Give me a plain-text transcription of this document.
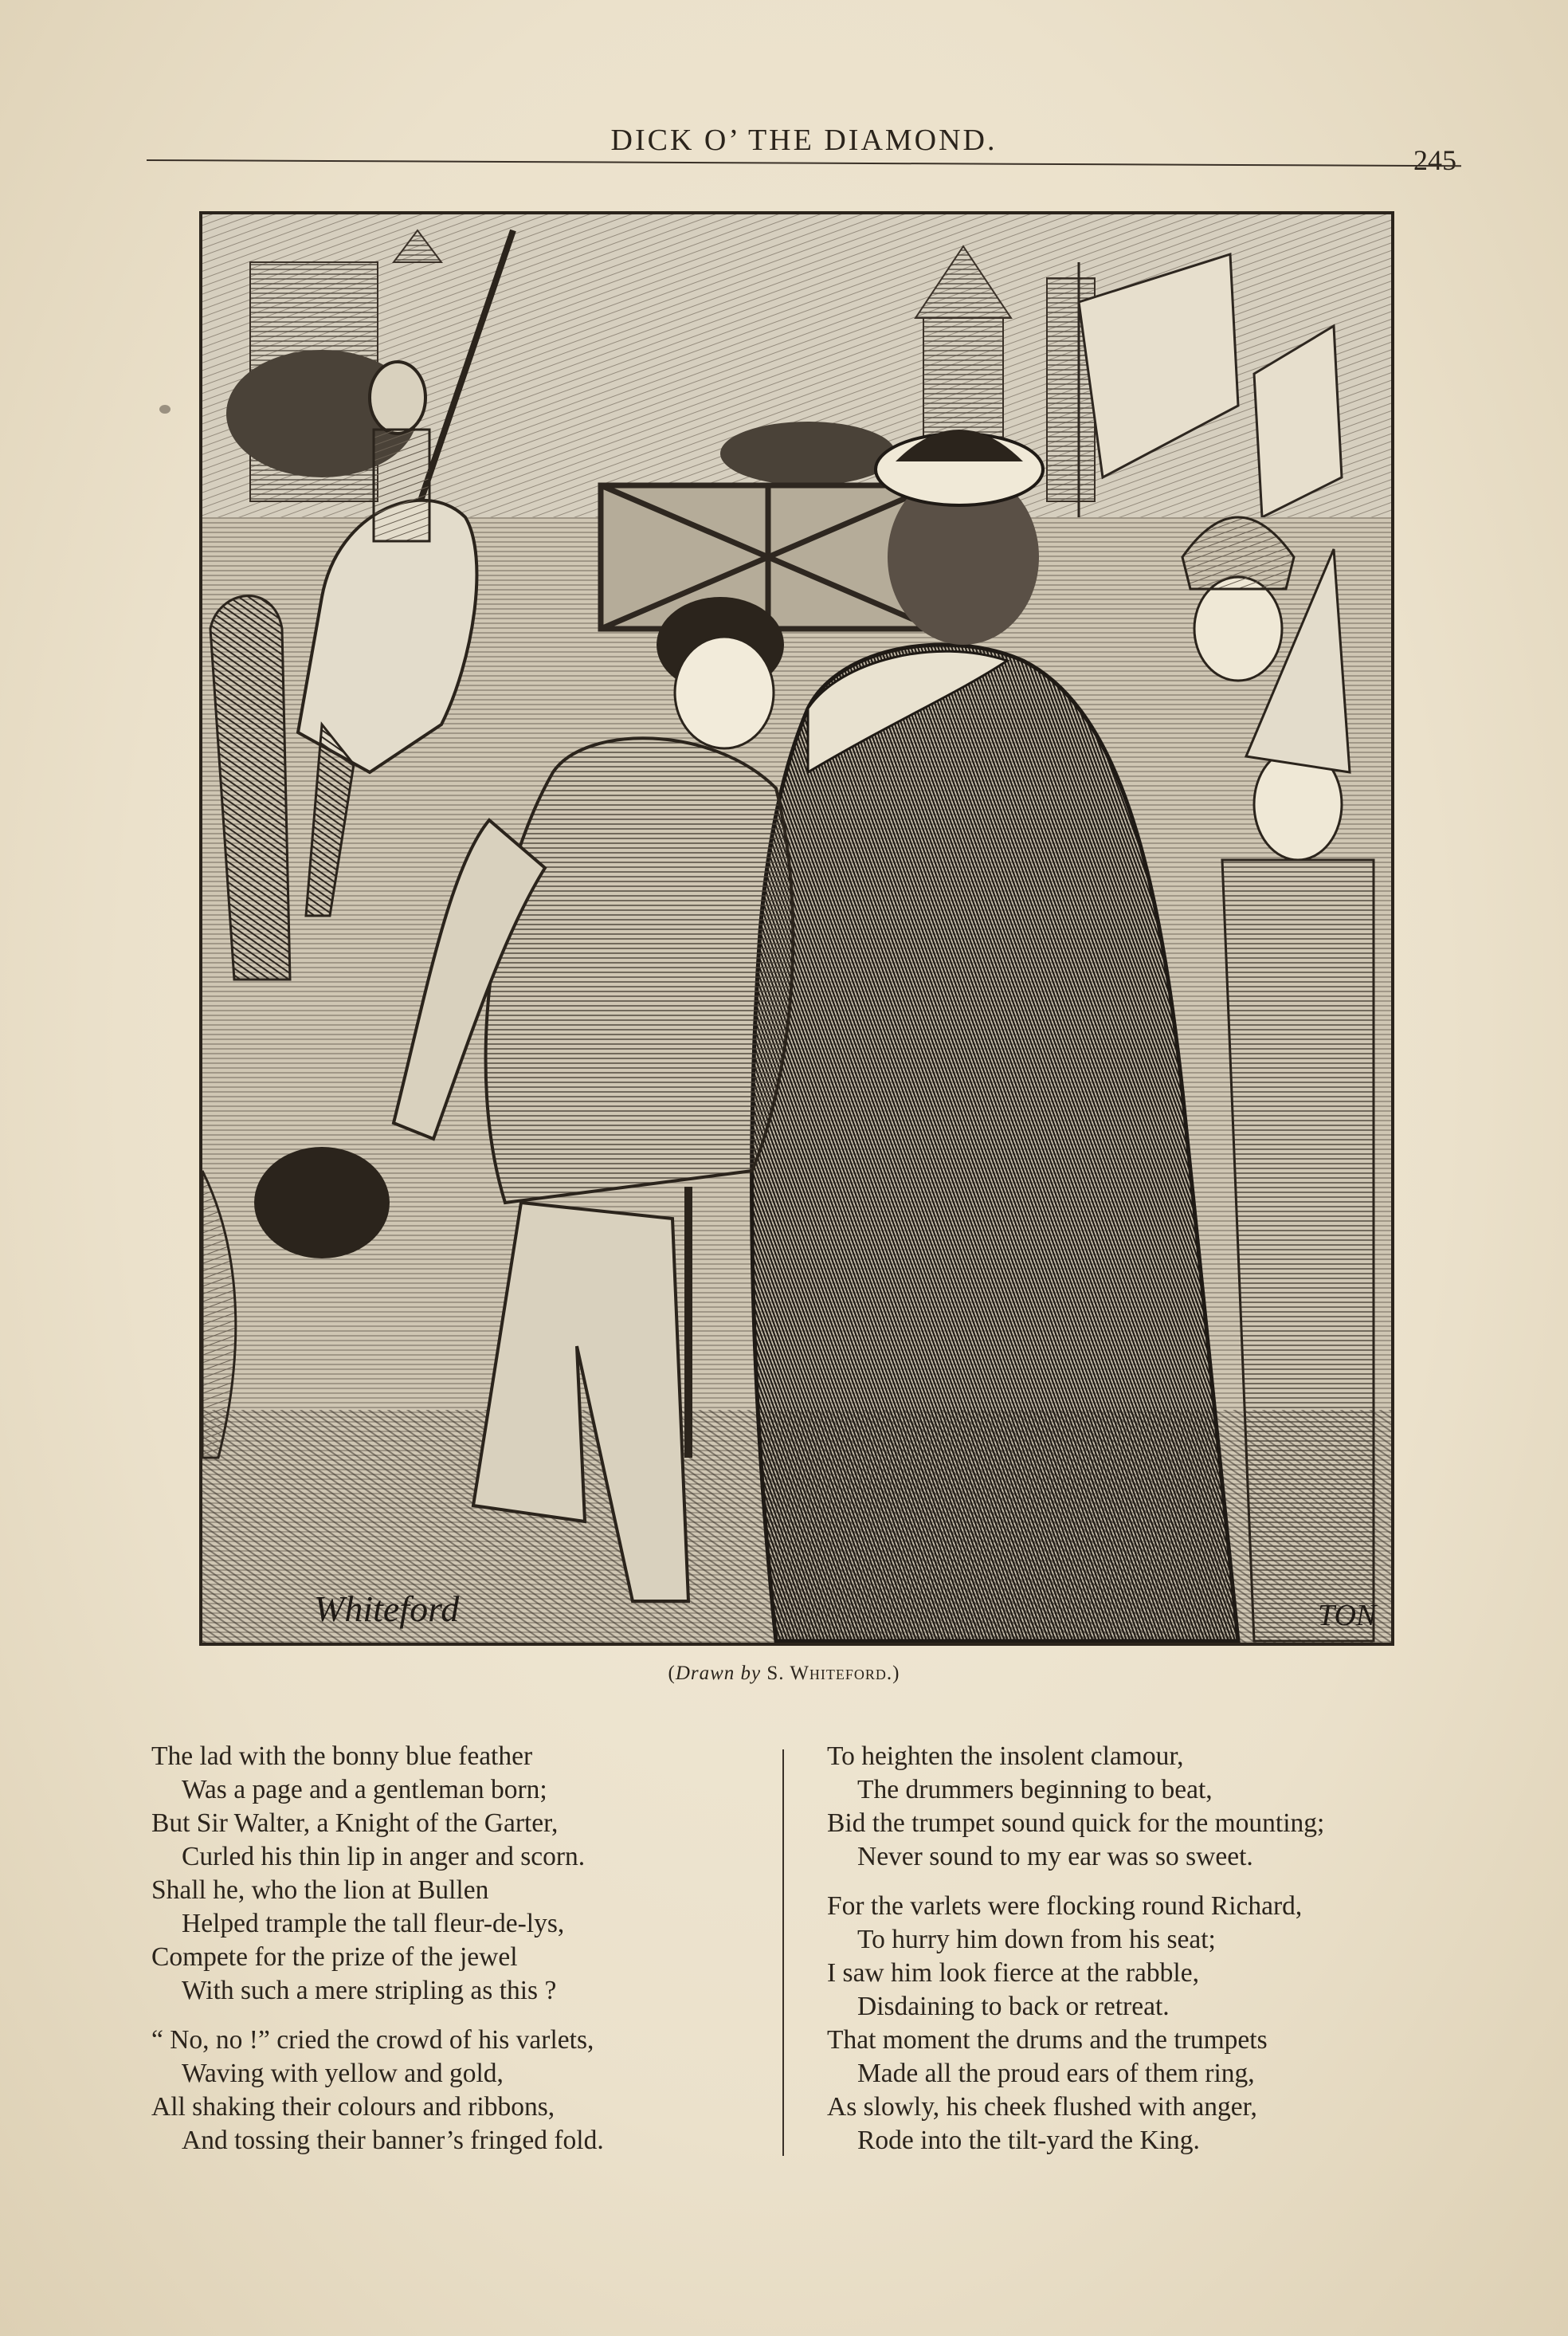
DICK O’ THE DIAMOND.
245
Whiteford	TON
(Drawn by S. Whiteford.)
The lad with the bonny blue feather
Was a page and a gentleman born;
But Sir Walter, a Knight of the Garter,
Curled his thin lip in anger and scorn.
Shall he, who the lion at Bullen
Helped trample the tall fleur-de-lys,
Compete for the prize of the jewel
With such a mere stripling as this ?
“ No, no !” cried the crowd of his varlets,
Waving with yellow and gold,
All shaking their colours and ribbons,
And tossing their banner’s fringed fold.
To heighten the insolent clamour,
The drummers beginning to beat,
Bid the trumpet sound quick for the mounting;
Never sound to my ear was so sweet.
For the varlets were flocking round Richard,
To hurry him down from his seat;
I saw him look fierce at the rabble,
Disdaining to back or retreat.
That moment the drums and the trumpets
Made all the proud ears of them ring,
As slowly, his cheek flushed with anger,
Rode into the tilt-yard the King.
